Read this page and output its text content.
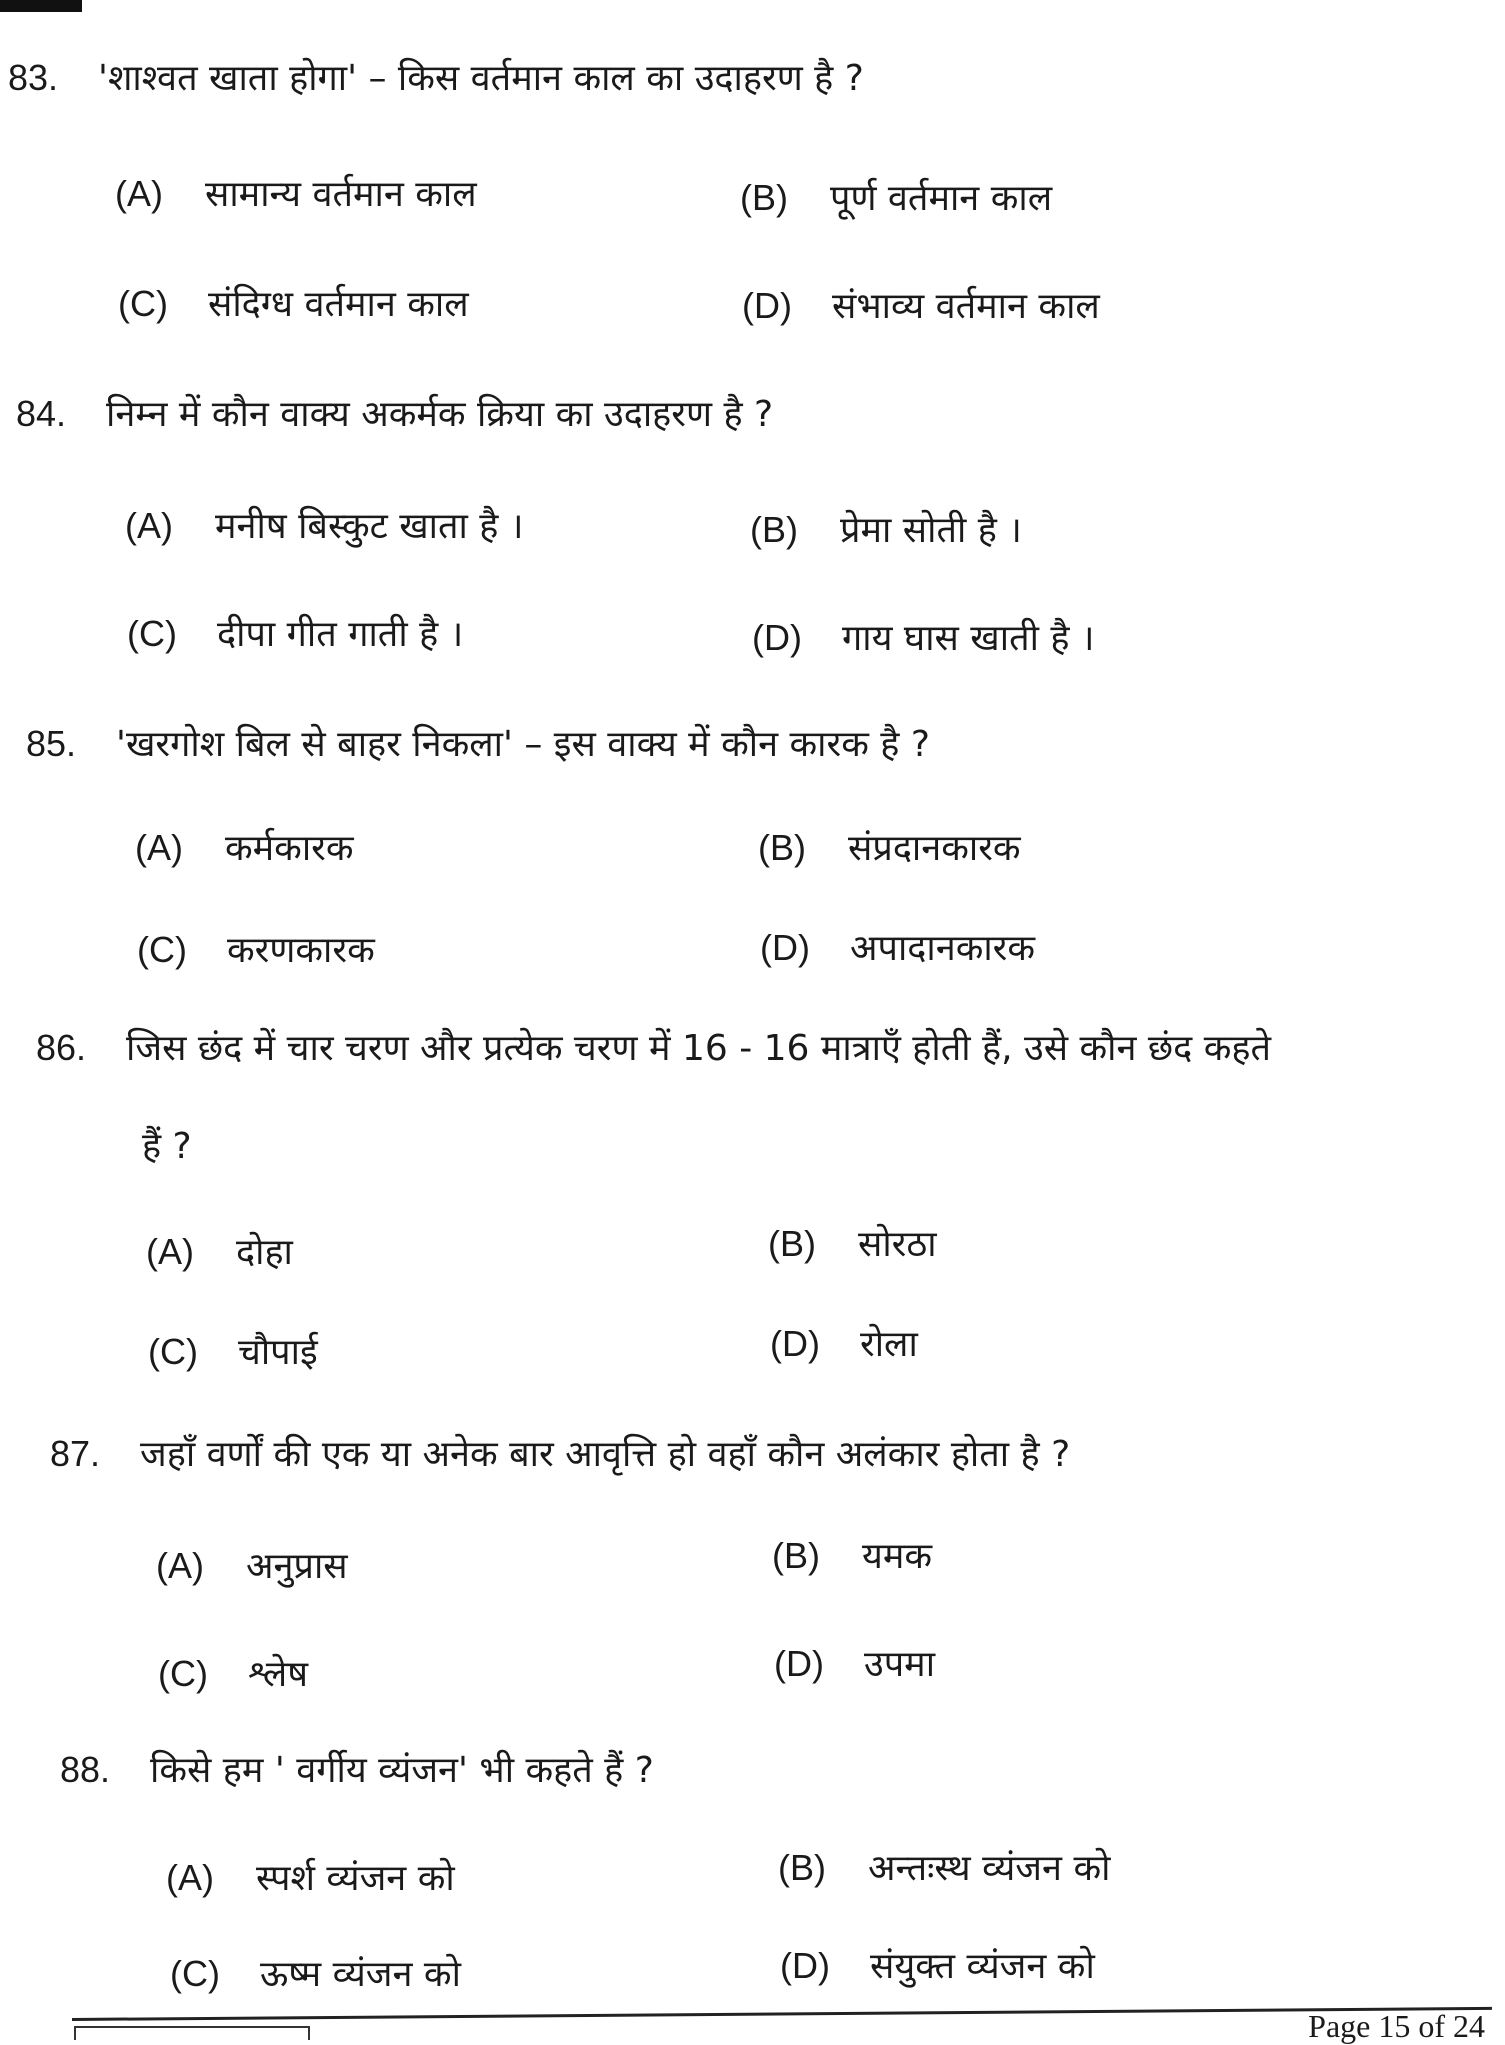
83. 'शाश्वत खाता होगा' – किस वर्तमान काल का उदाहरण है ?
(A) सामान्य वर्तमान काल	(B) पूर्ण वर्तमान काल
(C) संदिग्ध वर्तमान काल	(D) संभाव्य वर्तमान काल
84. निम्न में कौन वाक्य अकर्मक क्रिया का उदाहरण है ?
(A) मनीष बिस्कुट खाता है ।	(B) प्रेमा सोती है ।
(C) दीपा गीत गाती है ।	(D) गाय घास खाती है ।
85. 'खरगोश बिल से बाहर निकला' – इस वाक्य में कौन कारक है ?
(A) कर्मकारक	(B) संप्रदानकारक
(C) करणकारक	(D) अपादानकारक
86. जिस छंद में चार चरण और प्रत्येक चरण में 16 - 16 मात्राएँ होती हैं, उसे कौन छंद कहते
हैं ?
(A) दोहा	(B) सोरठा
(C) चौपाई	(D) रोला
87. जहाँ वर्णों की एक या अनेक बार आवृत्ति हो वहाँ कौन अलंकार होता है ?
(A) अनुप्रास	(B) यमक
(C) श्लेष	(D) उपमा
88. किसे हम ' वर्गीय व्यंजन' भी कहते हैं ?
(A) स्पर्श व्यंजन को	(B) अन्तःस्थ व्यंजन को
(C) ऊष्म व्यंजन को	(D) संयुक्त व्यंजन को
Page 15 of 24
